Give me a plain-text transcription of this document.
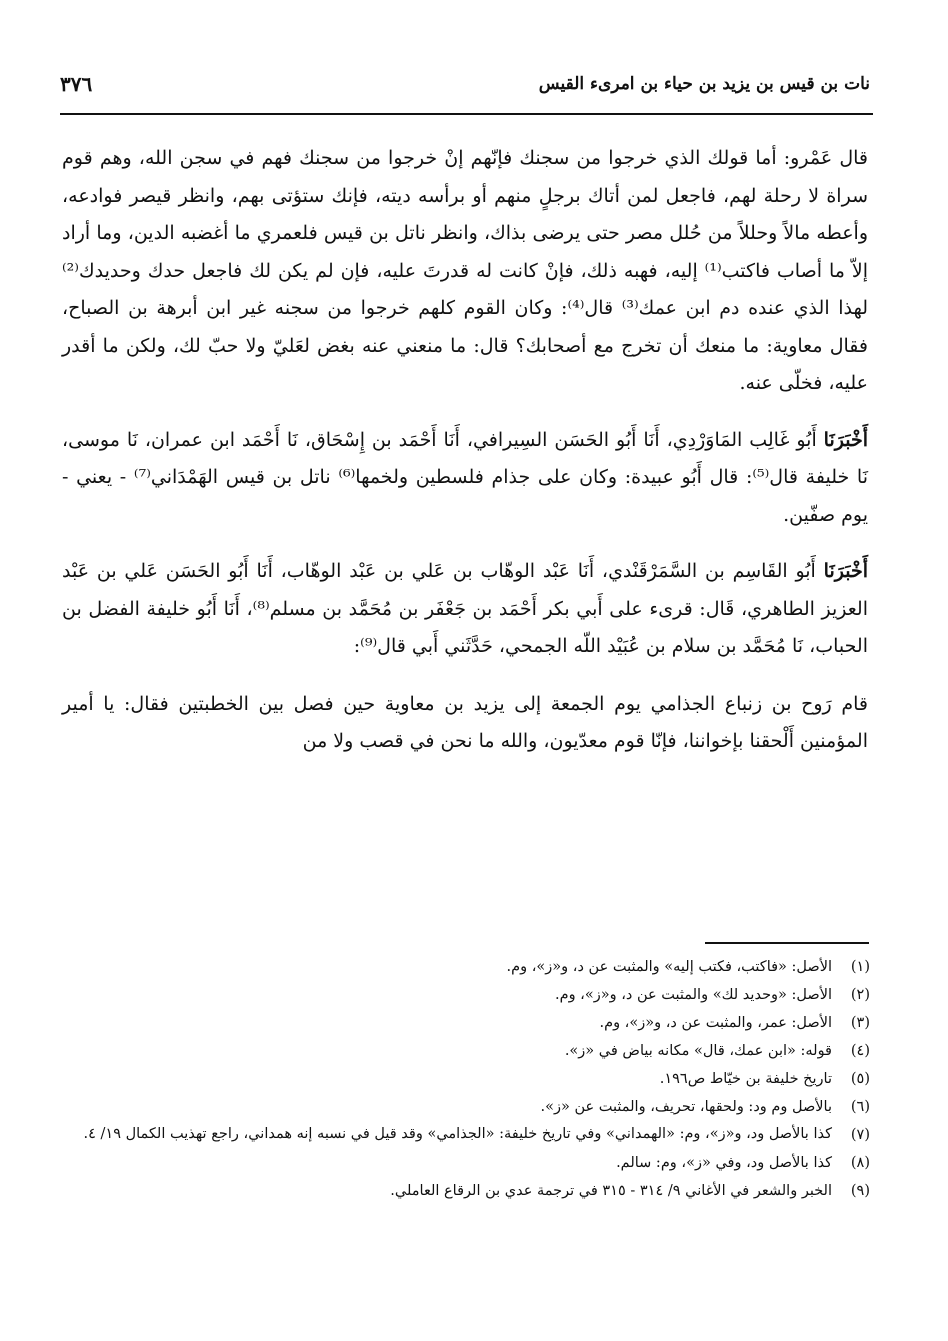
نات بن قيس بن يزيد بن حياء بن امرىء القيس
٣٧٦

قال عَمْرو: أما قولك الذي خرجوا من سجنك فإنّهم إنْ خرجوا من سجنك فهم في سجن الله، وهم قوم سراة لا رحلة لهم، فاجعل لمن أتاك برجلٍ منهم أو برأسه ديته، فإنك ستؤتى بهم، وانظر قيصر فوادعه، وأعطه مالاً وحللاً من حُلل مصر حتى يرضى بذاك، وانظر ناتل بن قيس فلعمري ما أغضبه الدين، وما أراد إلاّ ما أصاب فاكتب⁽¹⁾ إليه، فهبه ذلك، فإنْ كانت له قدرتَ عليه، فإن لم يكن لك فاجعل حدك وحديدك⁽²⁾ لهذا الذي عنده دم ابن عمك⁽³⁾ قال⁽⁴⁾: وكان القوم كلهم خرجوا من سجنه غير ابن أبرهة بن الصباح، فقال معاوية: ما منعك أن تخرج مع أصحابك؟ قال: ما منعني عنه بغض لعَليّ ولا حبّ لك، ولكن ما أقدر عليه، فخلّى عنه.

أَخْبَرَنَا أَبُو غَالِب المَاوَرْدِي، أَنَا أَبُو الحَسَن السِيرافي، أَنَا أَحْمَد بن إِسْحَاق، نَا أَحْمَد ابن عمران، نَا موسى، نَا خليفة قال⁽⁵⁾: قال أَبُو عبيدة: وكان على جذام فلسطين ولخمها⁽⁶⁾ ناتل بن قيس الهَمْدَاني⁽⁷⁾ - يعني - يوم صفّين.

أَخْبَرَنَا أَبُو القَاسِم بن السَّمَرْقَنْدي، أَنَا عَبْد الوهّاب بن عَلي بن عَبْد الوهّاب، أَنَا أَبُو الحَسَن عَلي بن عَبْد العزيز الطاهري، قَال: قرىء على أَبي بكر أَحْمَد بن جَعْفَر بن مُحَمَّد بن مسلم⁽⁸⁾، أَنَا أَبُو خليفة الفضل بن الحباب، نَا مُحَمَّد بن سلام بن عُبَيْد اللّه الجمحي، حَدَّثَني أَبي قال⁽⁹⁾:

قام رَوح بن زنباع الجذامي يوم الجمعة إلى يزيد بن معاوية حين فصل بين الخطبتين فقال: يا أمير المؤمنين أَلْحقنا بإخواننا، فإنّا قوم معدّيون، والله ما نحن في قصب ولا من

(١)
الأصل: «فاكتب، فكتب إليه» والمثبت عن د، و«ز»، وم.
(٢)
الأصل: «وحديد لك» والمثبت عن د، و«ز»، وم.
(٣)
الأصل: عمر، والمثبت عن د، و«ز»، وم.
(٤)
قوله: «ابن عمك، قال» مكانه بياض في «ز».
(٥)
تاريخ خليفة بن خيّاط ص١٩٦.
(٦)
بالأصل وم ود: ولحقها، تحريف، والمثبت عن «ز».
(٧)
كذا بالأصل ود، و«ز»، وم: «الهمداني» وفي تاريخ خليفة: «الجذامي» وقد قيل في نسبه إنه همداني، راجع تهذيب الكمال ١٩/ ٤.
(٨)
كذا بالأصل ود، وفي «ز»، وم: سالم.
(٩)
الخبر والشعر في الأغاني ٩/ ٣١٤ - ٣١٥ في ترجمة عدي بن الرقاع العاملي.
